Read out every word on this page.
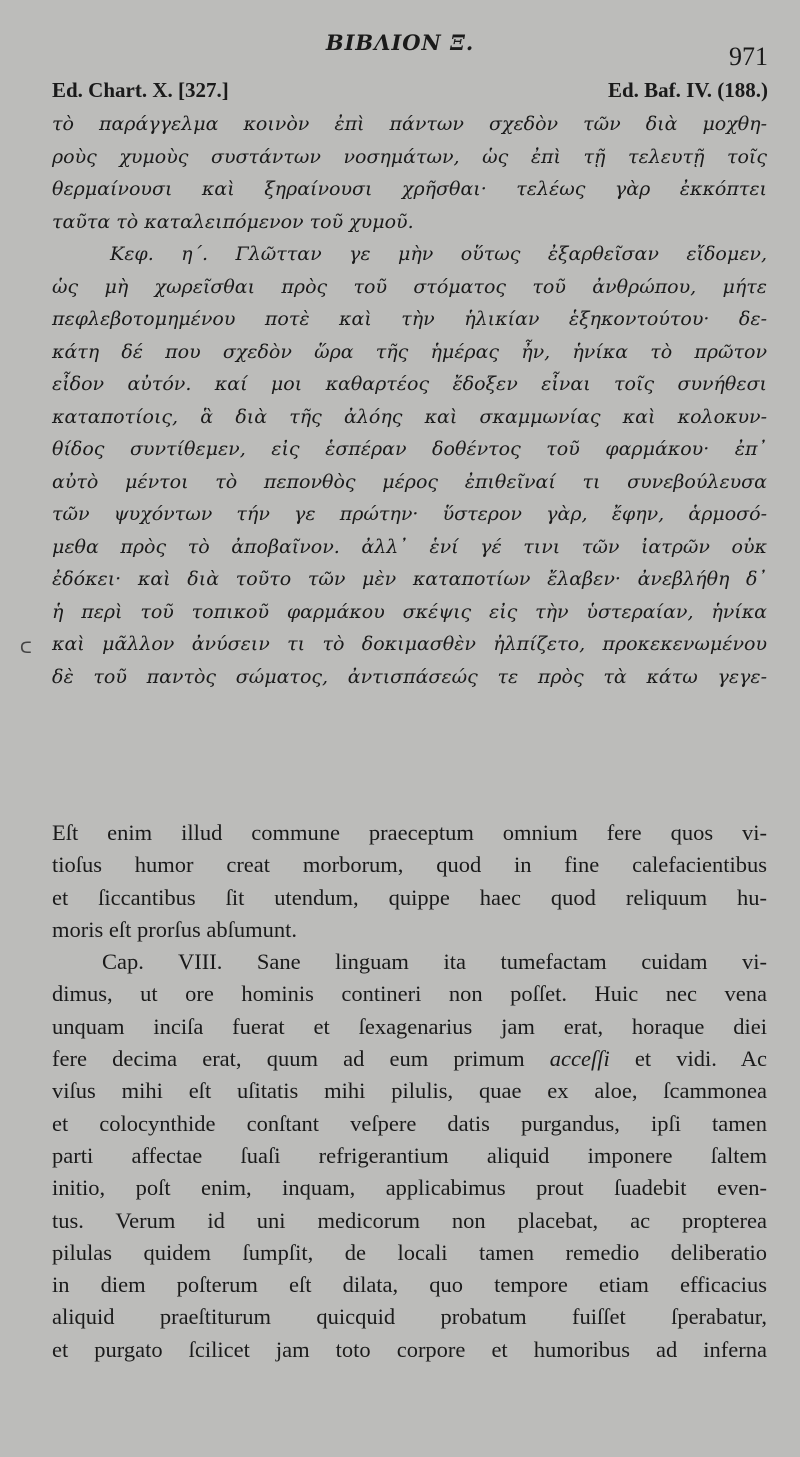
ΒΙΒΛΙΟΝ Ξ.	971
Ed. Chart. X. [327.]	Ed. Baf. IV. (188.)
ᑕ
τὸ παράγγελμα κοινὸν ἐπὶ πάντων σχεδὸν τῶν διὰ μοχθη-
ροὺς χυμοὺς συστάντων νοσημάτων, ὡς ἐπὶ τῇ τελευτῇ τοῖς
θερμαίνουσι καὶ ξηραίνουσι χρῆσθαι· τελέως γὰρ ἐκκόπτει
ταῦτα τὸ καταλειπόμενον τοῦ χυμοῦ.
Κεφ. η΄. Γλῶτταν γε μὴν οὕτως ἐξαρθεῖσαν εἴδομεν,
ὡς μὴ χωρεῖσθαι πρὸς τοῦ στόματος τοῦ ἀνθρώπου, μήτε
πεφλεβοτομημένου ποτὲ καὶ τὴν ἡλικίαν ἑξηκοντούτου· δε-
κάτη δέ που σχεδὸν ὥρα τῆς ἡμέρας ἦν, ἡνίκα τὸ πρῶτον
εἶδον αὐτόν. καί μοι καθαρτέος ἔδοξεν εἶναι τοῖς συνήθεσι
καταποτίοις, ἃ διὰ τῆς ἀλόης καὶ σκαμμωνίας καὶ κολοκυν-
θίδος συντίθεμεν, εἰς ἑσπέραν δοθέντος τοῦ φαρμάκου· ἐπ᾽
αὐτὸ μέντοι τὸ πεπονθὸς μέρος ἐπιθεῖναί τι συνεβούλευσα
τῶν ψυχόντων τήν γε πρώτην· ὕστερον γὰρ, ἔφην, ἁρμοσό-
μεθα πρὸς τὸ ἀποβαῖνον. ἀλλ᾽ ἑνί γέ τινι τῶν ἰατρῶν οὐκ
ἐδόκει· καὶ διὰ τοῦτο τῶν μὲν καταποτίων ἔλαβεν· ἀνεβλήθη δ᾽
ἡ περὶ τοῦ τοπικοῦ φαρμάκου σκέψις εἰς τὴν ὑστεραίαν, ἡνίκα
καὶ μᾶλλον ἀνύσειν τι τὸ δοκιμασθὲν ἠλπίζετο, προκεκενωμένου
δὲ τοῦ παντὸς σώματος, ἀντισπάσεώς τε πρὸς τὰ κάτω γεγε-
Eſt enim illud commune praeceptum omnium fere quos vi-
tioſus humor creat morborum, quod in fine calefacientibus
et ſiccantibus ſit utendum, quippe haec quod reliquum hu-
moris eſt prorſus abſumunt.
Cap. VIII. Sane linguam ita tumefactam cuidam vi-
dimus, ut ore hominis contineri non poſſet. Huic nec vena
unquam inciſa fuerat et ſexagenarius jam erat, horaque diei
fere decima erat, quum ad eum primum acceſſi et vidi. Ac
viſus mihi eſt uſitatis mihi pilulis, quae ex aloe, ſcammonea
et colocynthide conſtant veſpere datis purgandus, ipſi tamen
parti affectae ſuaſi refrigerantium aliquid imponere ſaltem
initio, poſt enim, inquam, applicabimus prout ſuadebit even-
tus. Verum id uni medicorum non placebat, ac propterea
pilulas quidem ſumpſit, de locali tamen remedio deliberatio
in diem poſterum eſt dilata, quo tempore etiam efficacius
aliquid praeſtiturum quicquid probatum fuiſſet ſperabatur,
et purgato ſcilicet jam toto corpore et humoribus ad inferna
